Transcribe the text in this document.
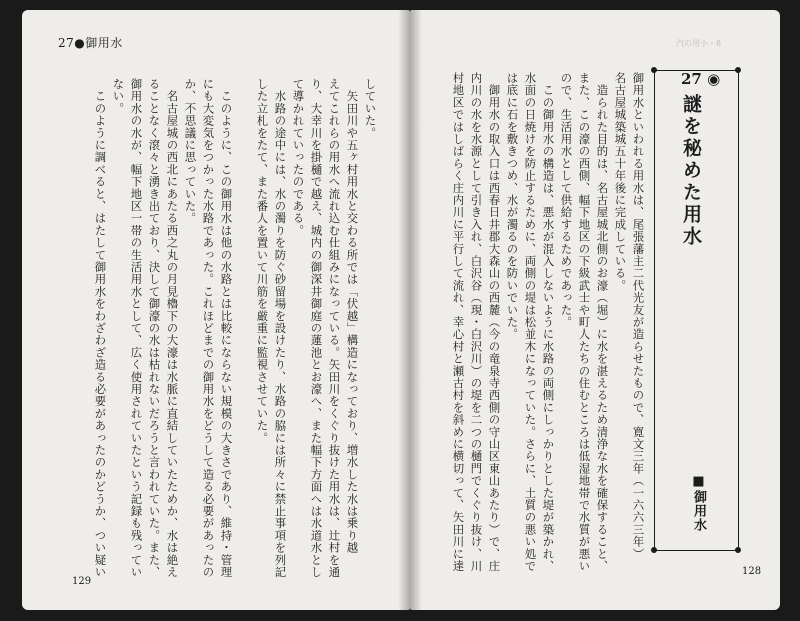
汽の用小・8
27●御用水
129
128
27 ◉
謎を秘めた用水
■御用水
御用水といわれる用水は、尾張藩主二代光友が造らせたもので、寛文三年（一六六三年）
名古屋城築城五十年後に完成している。
　造られた目的は、名古屋城北側のお濠（堀）に水を湛えるため清浄な水を確保すること、
また、この濠の西側、幅下地区の下級武士や町人たちの住むところは低湿地帯で水質が悪い
ので、生活用水として供給するためであった。
　この御用水の構造は、悪水が混入しないように水路の両側にしっかりとした堤が築かれ、
水面の日焼けを防止するために、両側の堤は松並木になっていた。さらに、土質の悪い処で
は底に石を敷きつめ、水が濁るのを防いでいた。
　御用水の取入口は西春日井郡大森山の西麓（今の竜泉寺西側の守山区東山あたり）で、庄
内川の水を水源として引き入れ、白沢谷（現・白沢川）の堤を二つの樋門でくぐり抜け、川
村地区ではしばらく庄内川に平行して流れ、幸心村と瀬古村を斜めに横切って、矢田川に達
していた。
　矢田川や五ヶ村用水と交わる所では「伏越」構造になっており、増水した水は乗り越
えてこれらの用水へ流れ込む仕組みになっている。矢田川をくぐり抜けた用水は、辻村を通
り、大幸川を掛樋で越え、城内の御深井御庭の蓮池とお濠へ、また幅下方面へは水道水とし
て導かれていったのである。
　水路の途中には、水の濁りを防ぐ砂留場を設けたり、水路の脇には所々に禁止事項を列記
した立札をたて、また番人を置いて川筋を厳重に監視させていた。
　このように、この御用水は他の水路とは比較にならない規模の大きさであり、維持・管理
にも大変気をつかった水路であった。これほどまでの御用水をどうして造る必要があったの
か、不思議に思っていた。
　名古屋城の西北にあたる西之丸の月見櫓下の大濠は水脈に直結していたためか、水は絶え
ることなく滾々と湧き出ており、決して御濠の水は枯れないだろうと言われていた。また、
御用水の水が、幅下地区一帯の生活用水として、広く使用されていたという記録も残ってい
ない。
　このように調べると、はたして御用水をわざわざ造る必要があったのかどうか、つい疑い
